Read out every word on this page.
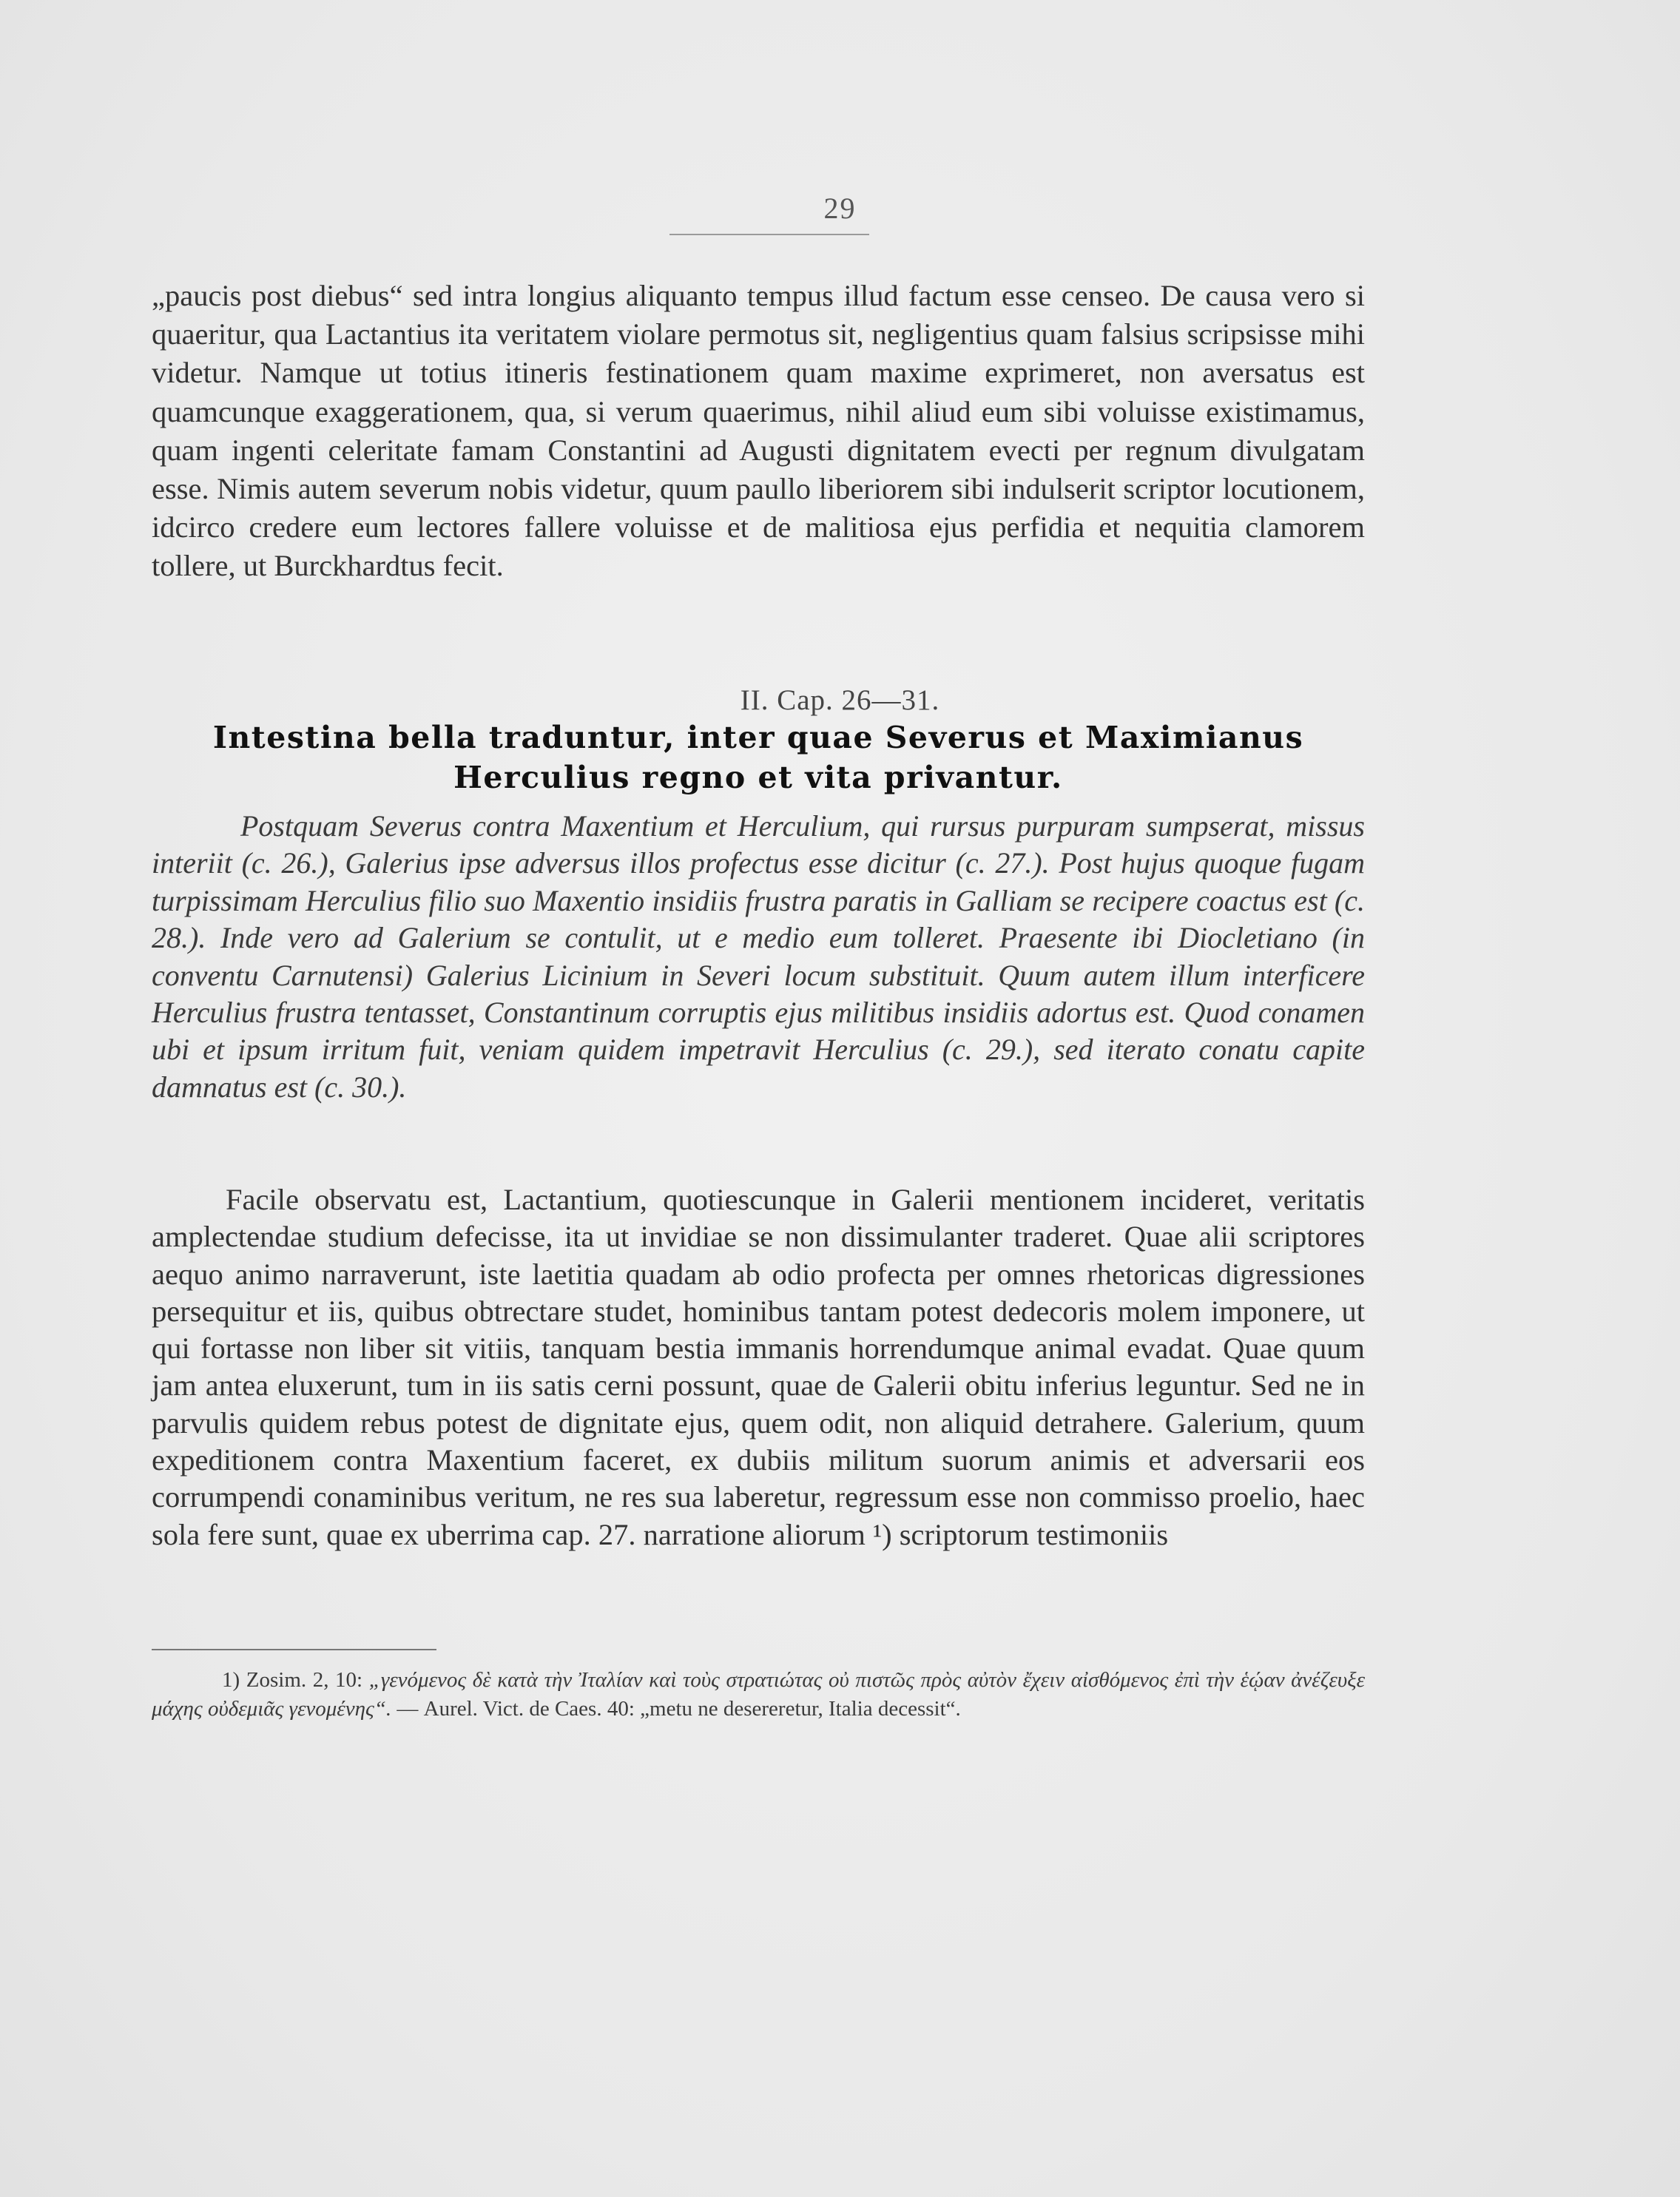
29

„paucis post diebus“ sed intra longius aliquanto tempus illud factum esse censeo. De causa vero si quaeritur, qua Lactantius ita veritatem violare permotus sit, negligentius quam falsius scripsisse mihi videtur. Namque ut totius itineris festinationem quam maxime exprimeret, non aversatus est quamcunque exaggerationem, qua, si verum quaerimus, nihil aliud eum sibi voluisse existimamus, quam ingenti celeritate famam Constantini ad Augusti dignitatem evecti per regnum divulgatam esse. Nimis autem severum nobis videtur, quum paullo liberiorem sibi indulserit scriptor locutionem, idcirco credere eum lectores fallere voluisse et de malitiosa ejus perfidia et nequitia clamorem tollere, ut Burckhardtus fecit.

II. Cap. 26—31.
Intestina bella traduntur, inter quae Severus et Maximianus Herculius regno et vita privantur.

Postquam Severus contra Maxentium et Herculium, qui rursus purpuram sumpserat, missus interiit (c. 26.), Galerius ipse adversus illos profectus esse dicitur (c. 27.). Post hujus quoque fugam turpissimam Herculius filio suo Maxentio insidiis frustra paratis in Galliam se recipere coactus est (c. 28.). Inde vero ad Galerium se contulit, ut e medio eum tolleret. Praesente ibi Diocletiano (in conventu Carnutensi) Galerius Licinium in Severi locum substituit. Quum autem illum interficere Herculius frustra tentasset, Constantinum corruptis ejus militibus insidiis adortus est. Quod conamen ubi et ipsum irritum fuit, veniam quidem impetravit Herculius (c. 29.), sed iterato conatu capite damnatus est (c. 30.).

Facile observatu est, Lactantium, quotiescunque in Galerii mentionem incideret, veritatis amplectendae studium defecisse, ita ut invidiae se non dissimulanter traderet. Quae alii scriptores aequo animo narraverunt, iste laetitia quadam ab odio profecta per omnes rhetoricas digressiones persequitur et iis, quibus obtrectare studet, hominibus tantam potest dedecoris molem imponere, ut qui fortasse non liber sit vitiis, tanquam bestia immanis horrendumque animal evadat. Quae quum jam antea eluxerunt, tum in iis satis cerni possunt, quae de Galerii obitu inferius leguntur. Sed ne in parvulis quidem rebus potest de dignitate ejus, quem odit, non aliquid detrahere. Galerium, quum expeditionem contra Maxentium faceret, ex dubiis militum suorum animis et adversarii eos corrumpendi conaminibus veritum, ne res sua laberetur, regressum esse non commisso proelio, haec sola fere sunt, quae ex uberrima cap. 27. narratione aliorum ¹) scriptorum testimoniis

1) Zosim. 2, 10: „γενόμενος δὲ κατὰ τὴν Ἰταλίαν καὶ τοὺς στρατιώτας οὐ πιστῶς πρὸς αὐτὸν ἔχειν αἰσθόμενος ἐπὶ τὴν ἑῴαν ἀνέζευξε μάχης οὐδεμιᾶς γενομένης“. — Aurel. Vict. de Caes. 40: „metu ne desereretur, Italia decessit“.
